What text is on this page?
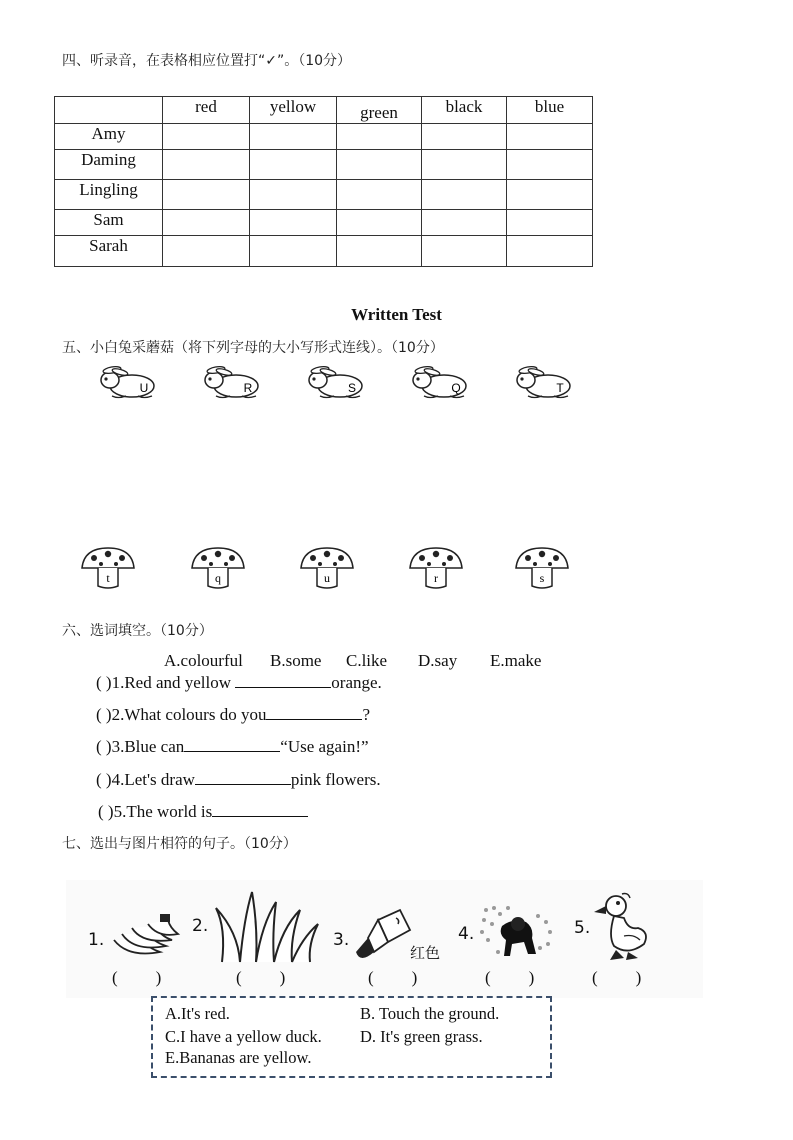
四、听录音，在表格相应位置打“✓”。（10分）
	red	yellow	green	black	blue
Amy					
Daming					
Lingling					
Sam					
Sarah					
Written Test
五、小白兔采蘑菇（将下列字母的大小写形式连线）。（10分）
U	R	S	Q	T
t	q	u	r	s
六、选词填空。（10分）
A.colourful B.some C.like D.say E.make
( )1.Red and yellow	orange.
( )2.What colours do you	?
( )3.Blue can	“Use again!”
( )4.Let's draw	pink flowers.
( )5.The world is
七、选出与图片相符的句子。（10分）
1.
2.
3.
红色
4.	5.
() ()	() () ()
A.It's red.	B. Touch the ground.
C.I have a yellow duck. D. It's green grass.
E.Bananas are yellow.
